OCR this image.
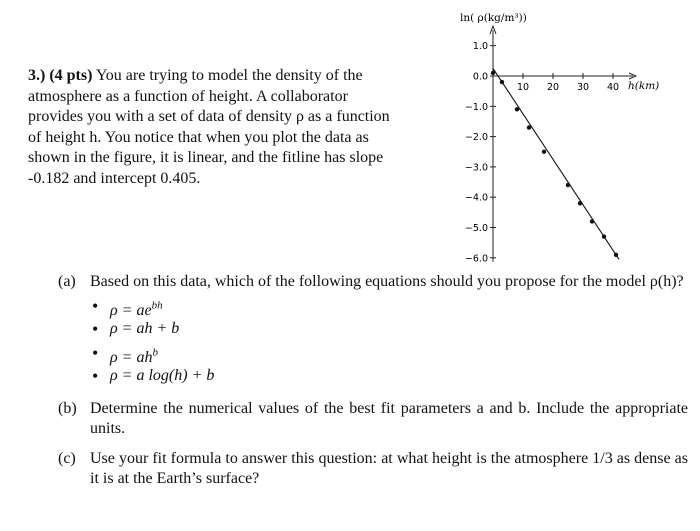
3.) (4 pts) You are trying to model the density of the atmosphere as a function of height. A collaborator provides you with a set of data of density ρ as a function of height h. You notice that when you plot the data as shown in the figure, it is linear, and the fitline has slope -0.182 and intercept 0.405.
1.0
0.0
−1.0
−2.0
−3.0
−4.0
−5.0
−6.0
10 20 30 40
ln( ρ(kg/m³))
h(km)
(a) Based on this data, which of the following equations should you propose for the model ρ(h)?
• $\rho = ae^{bh}$
• ρ = ah + b
• $\rho = ah^b$
• ρ = a log(h) + b
(b) Determine the numerical values of the best fit parameters a and b. Include the appropriate units.
(c) Use your fit formula to answer this question: at what height is the atmosphere 1/3 as dense as it is at the Earth’s surface?
